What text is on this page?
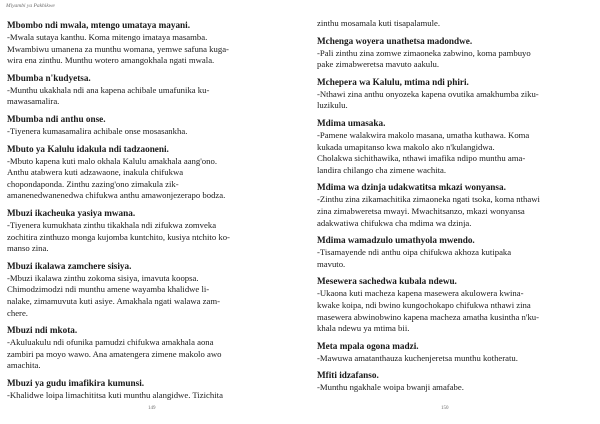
Miyambi ya Pakhikwe
Mbombo ndi mwala, mtengo umataya mayani.
-Mwala sutaya kanthu. Koma mitengo imataya masamba.
Mwambiwu umanena za munthu womana, yemwe safuna kuga-
wira ena zinthu. Munthu wotero amangokhala ngati mwala.
Mbumba n'kudyetsa.
-Munthu ukakhala ndi ana kapena achibale umafunika ku-
mawasamalira.
Mbumba ndi anthu onse.
-Tiyenera kumasamalira achibale onse mosasankha.
Mbuto ya Kalulu idakula ndi tadzaoneni.
-Mbuto kapena kuti malo okhala Kalulu amakhala aang'ono.
Anthu atabwera kuti adzawaone, inakula chifukwa
chopondaponda. Zinthu zazing'ono zimakula zik-
amanenedwanenedwa chifukwa anthu amawonjezerapo bodza.
Mbuzi ikacheuka yasiya mwana.
-Tiyenera kumukhata zinthu tikakhala ndi zifukwa zomveka
zochitira zinthuzo monga kujomba kuntchito, kusiya ntchito ko-
manso zina.
Mbuzi ikalawa zamchere sisiya.
-Mbuzi ikalawa zinthu zokoma sisiya, imavuta koopsa.
Chimodzimodzi ndi munthu amene wayamba khalidwe li-
nalake, zimamuvuta kuti asiye. Amakhala ngati walawa zam-
chere.
Mbuzi ndi mkota.
-Akuluakulu ndi ofunika pamudzi chifukwa amakhala aona
zambiri pa moyo wawo. Ana amatengera zimene makolo awo
amachita.
Mbuzi ya gudu imafikira kumunsi.
-Khalidwe loipa limachititsa kuti munthu alangidwe. Tizichita
149
zinthu mosamala kuti tisapalamule.
Mchenga woyera unathetsa madondwe.
-Pali zinthu zina zomwe zimaoneka zabwino, koma pambuyo
pake zimabweretsa mavuto aakulu.
Mchepera wa Kalulu, mtima ndi phiri.
-Nthawi zina anthu onyozeka kapena ovutika amakhumba ziku-
luzikulu.
Mdima umasaka.
-Pamene walakwira makolo masana, umatha kuthawa. Koma
kukada umapitanso kwa makolo ako n'kulangidwa.
Cholakwa sichithawika, nthawi imafika ndipo munthu ama-
landira chilango cha zimene wachita.
Mdima wa dzinja udakwatitsa mkazi wonyansa.
-Zinthu zina zikamachitika zimaoneka ngati tsoka, koma nthawi
zina zimabweretsa mwayi. Mwachitsanzo, mkazi wonyansa
adakwatiwa chifukwa cha mdima wa dzinja.
Mdima wamadzulo umathyola mwendo.
-Tisamayende ndi anthu oipa chifukwa akhoza kutipaka
mavuto.
Mesewera sachedwa kubala ndewu.
-Ukaona kuti macheza kapena masewera akulowera kwina-
kwake koipa, ndi bwino kungochokapo chifukwa nthawi zina
masewera abwinobwino kapena macheza amatha kusintha n'ku-
khala ndewu ya mtima bii.
Meta mpala ogona madzi.
-Mawuwa amatanthauza kuchenjeretsa munthu kotheratu.
Mfiti idzafanso.
-Munthu ngakhale woipa bwanji amafabe.
150
